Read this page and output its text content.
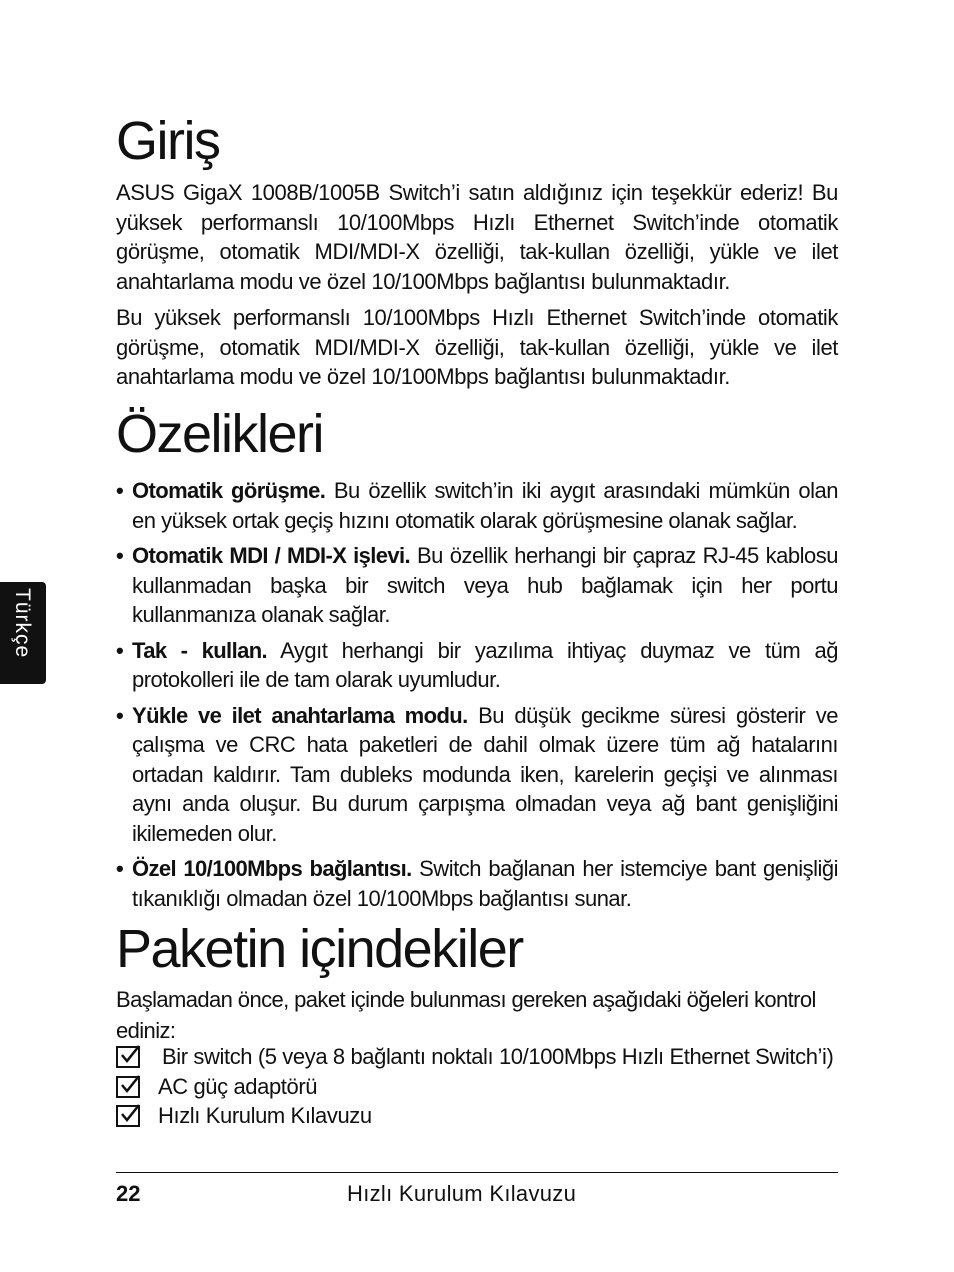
Türkçe
Giriş

ASUS GigaX 1008B/1005B Switch’i satın aldığınız için teşekkür ederiz! Bu yüksek performanslı 10/100Mbps Hızlı Ethernet Switch’inde otomatik görüşme, otomatik MDI/MDI-X özelliği, tak-kullan özelliği, yükle ve ilet anahtarlama modu ve özel 10/100Mbps bağlantısı bulunmaktadır.

Bu yüksek performanslı 10/100Mbps Hızlı Ethernet Switch’inde otomatik görüşme, otomatik MDI/MDI-X özelliği, tak-kullan özelliği, yükle ve ilet anahtarlama modu ve özel 10/100Mbps bağlantısı bulunmaktadır.

Özelikleri
• Otomatik görüşme. Bu özellik switch’in iki aygıt arasındaki mümkün olan en yüksek ortak geçiş hızını otomatik olarak görüşmesine olanak sağlar.
• Otomatik MDI / MDI-X işlevi. Bu özellik herhangi bir çapraz RJ-45 kablosu kullanmadan başka bir switch veya hub bağlamak için her portu kullanmanıza olanak sağlar.
• Tak - kullan. Aygıt herhangi bir yazılıma ihtiyaç duymaz ve tüm ağ protokolleri ile de tam olarak uyumludur.
• Yükle ve ilet anahtarlama modu. Bu düşük gecikme süresi gösterir ve çalışma ve CRC hata paketleri de dahil olmak üzere tüm ağ hatalarını ortadan kaldırır. Tam dubleks modunda iken, karelerin geçişi ve alınması aynı anda oluşur. Bu durum çarpışma olmadan veya ağ bant genişliğini ikilemeden olur.
• Özel 10/100Mbps bağlantısı. Switch bağlanan her istemciye bant genişliği tıkanıklığı olmadan özel 10/100Mbps bağlantısı sunar.
Paketin içindekiler

Başlamadan önce, paket içinde bulunması gereken aşağıdaki öğeleri kontrol ediniz:

Bir switch (5 veya 8 bağlantı noktalı 10/100Mbps Hızlı Ethernet Switch’i)
AC güç adaptörü
Hızlı Kurulum Kılavuzu
22	Hızlı Kurulum Kılavuzu
